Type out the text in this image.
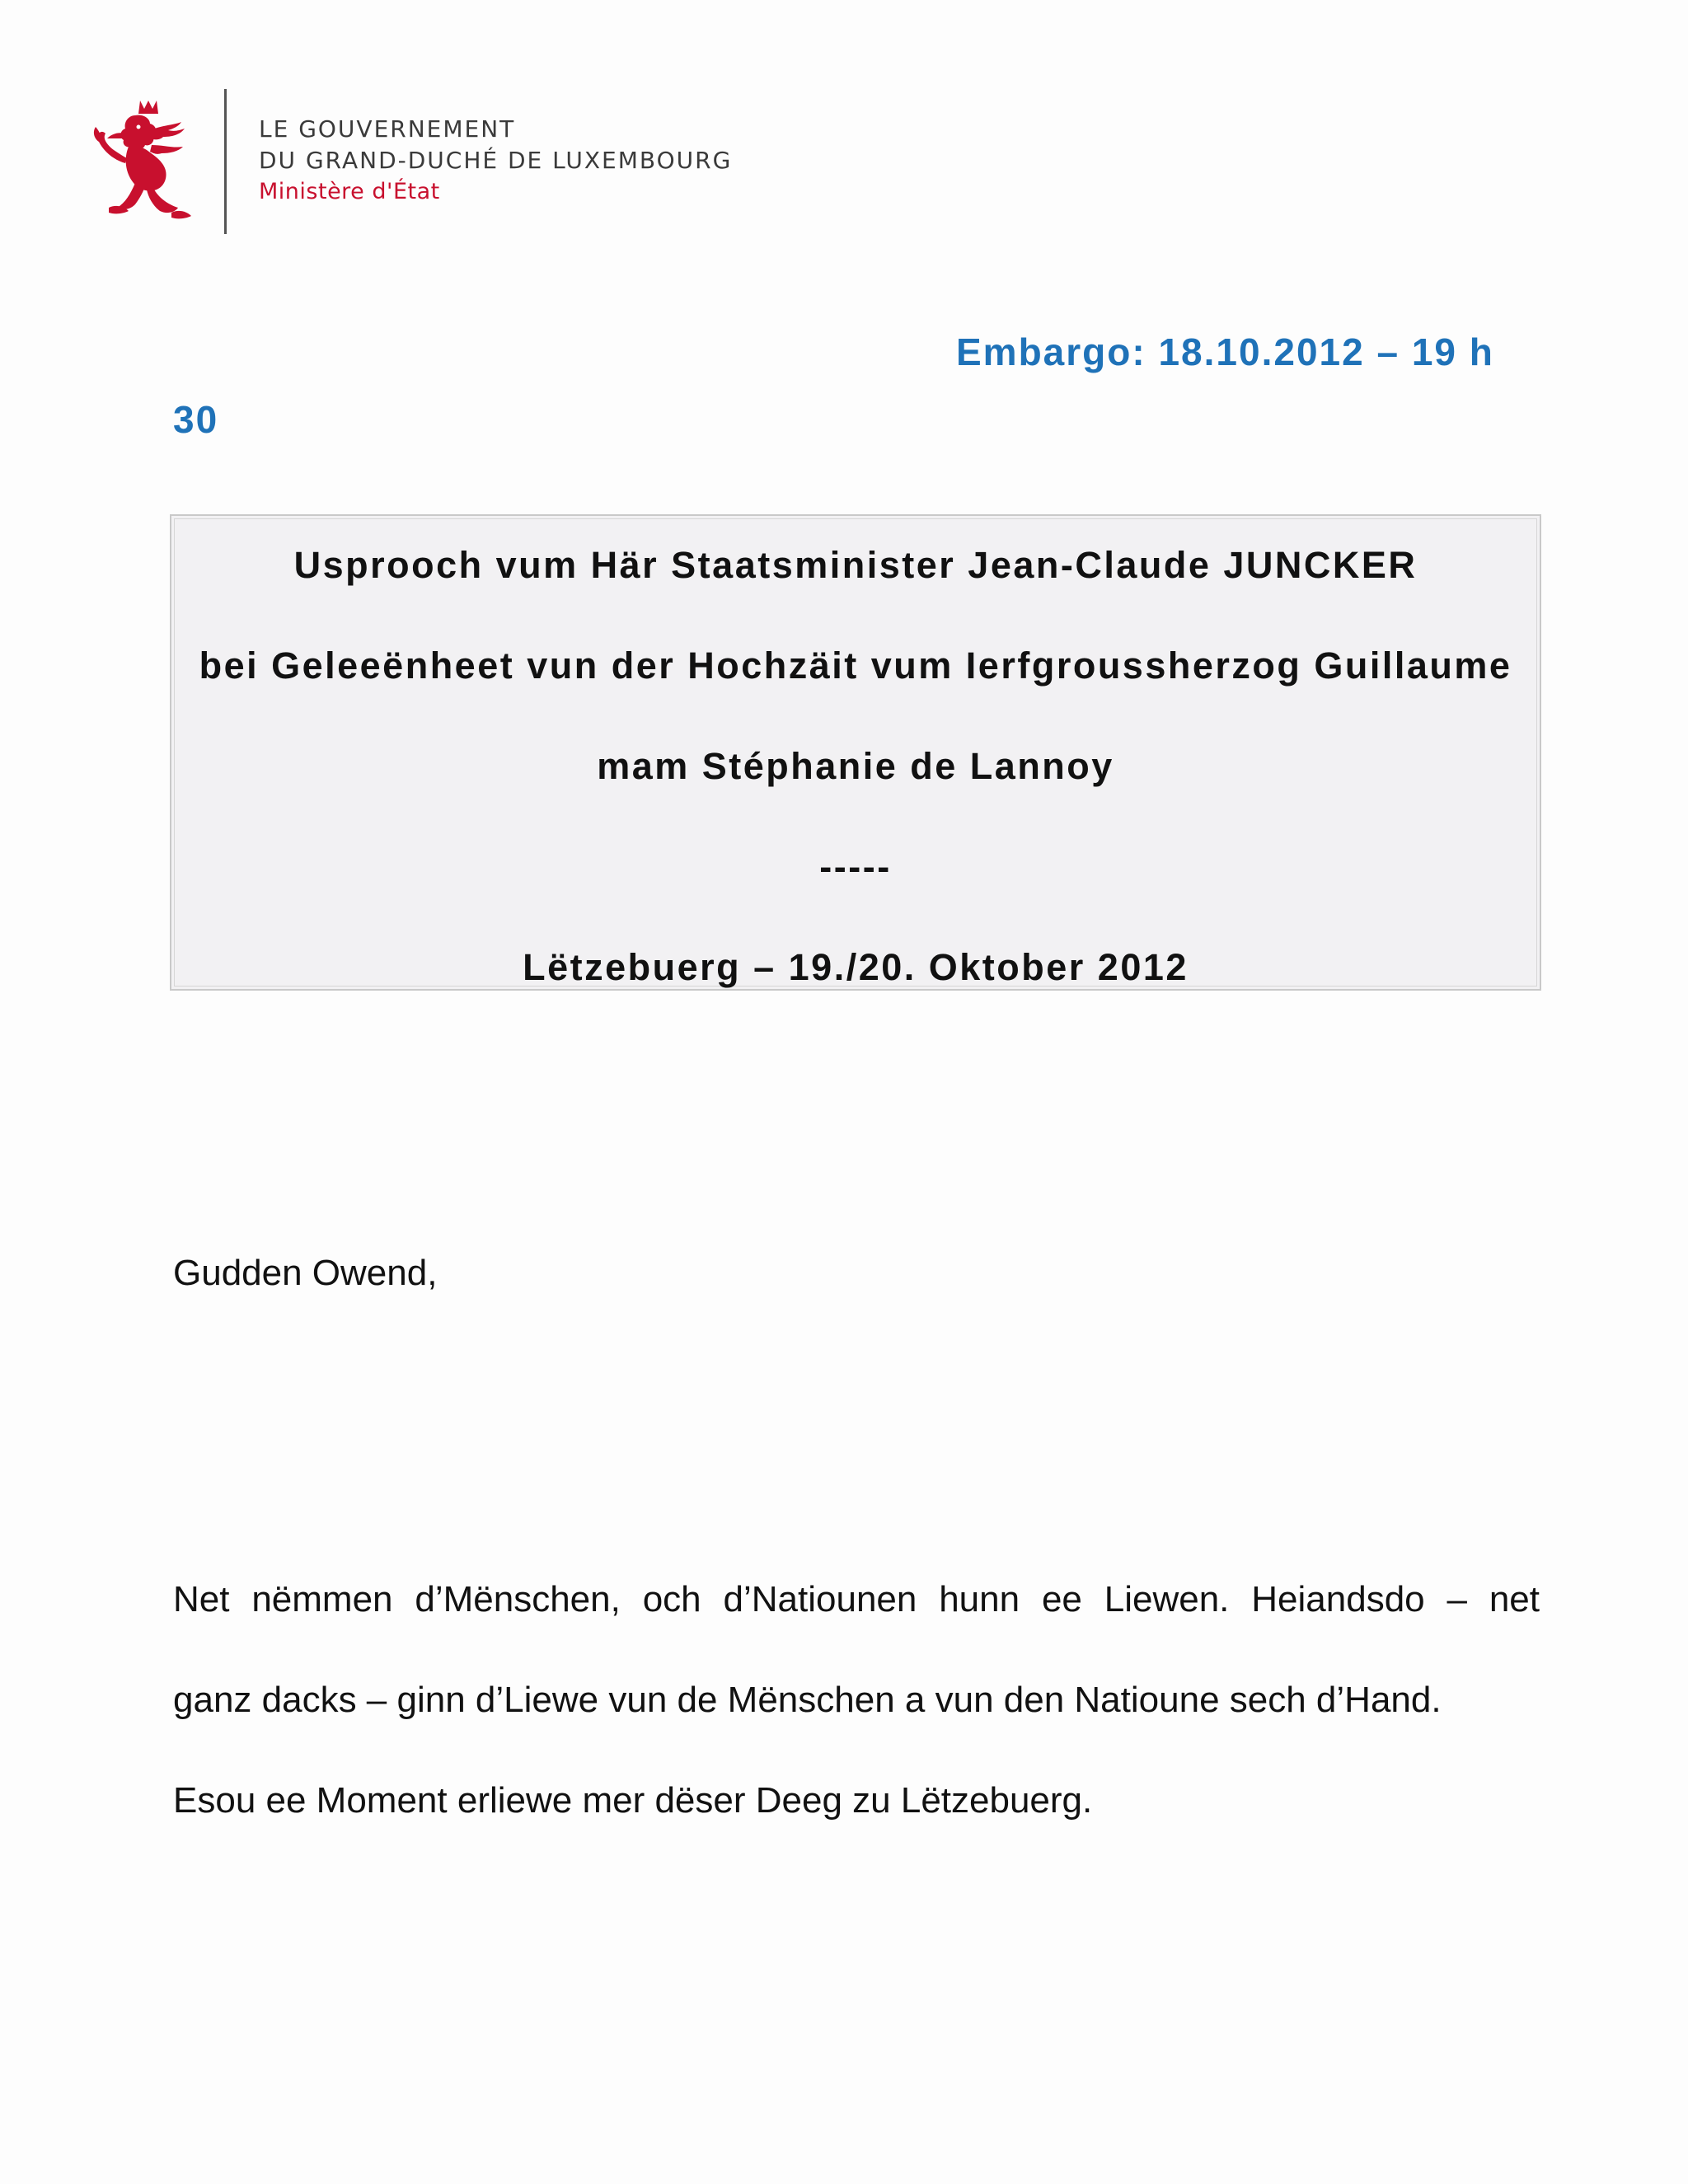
LE GOUVERNEMENT
DU GRAND-DUCHÉ DE LUXEMBOURG
Ministère d'État
Embargo: 18.10.2012 – 19 h
30
Usprooch vum Här Staatsminister Jean-Claude JUNCKER
bei Geleeënheet vun der Hochzäit vum Ierfgroussherzog Guillaume
mam Stéphanie de Lannoy
-----
Lëtzebuerg – 19./20. Oktober 2012
Gudden Owend,
Net nëmmen d’Mënschen, och d’Natiounen hunn ee Liewen. Heiandsdo – net
ganz dacks – ginn d’Liewe vun de Mënschen a vun den Natioune sech d’Hand.
Esou ee Moment erliewe mer dëser Deeg zu Lëtzebuerg.
